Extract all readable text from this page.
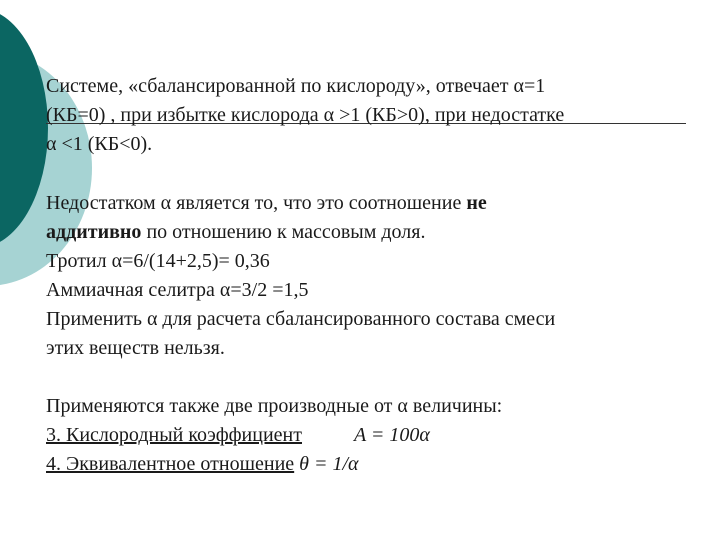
Системе, «сбалансированной по кислороду», отвечает α=1
(КБ=0) , при избытке кислорода α >1 (КБ>0), при недостатке
α <1 (КБ<0).
Недостатком α является то, что это соотношение не
аддитивно по отношению к массовым доля.
Тротил α=6/(14+2,5)= 0,36
Аммиачная селитра α=3/2 =1,5
Применить α для расчета сбалансированного состава смеси
этих веществ нельзя.
Применяются также две производные от α величины:
3. Кислородный коэффициент	A = 100α
4. Эквивалентное отношение θ = 1/α
